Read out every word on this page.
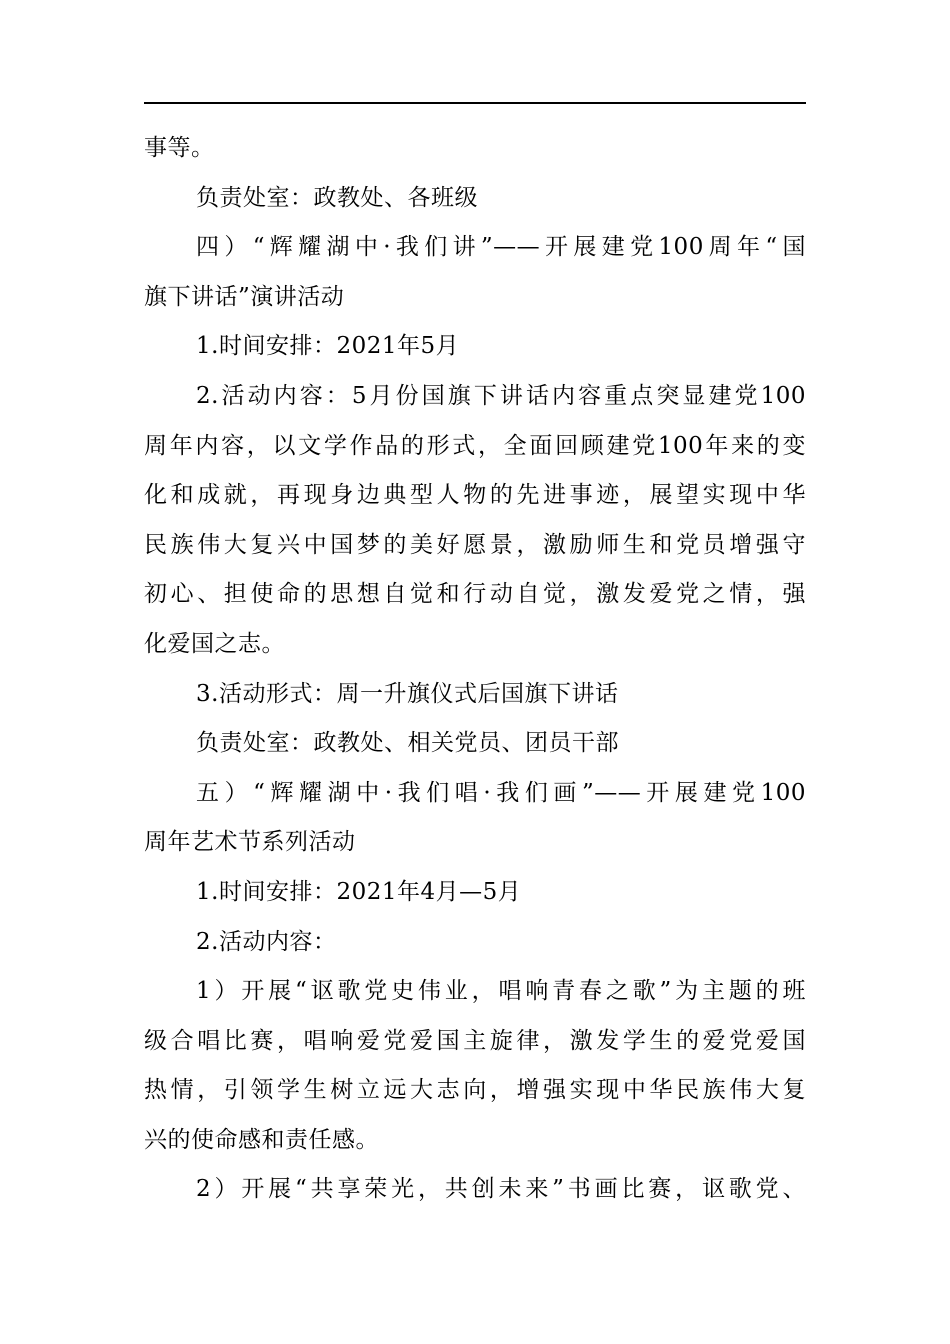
事等。
负责处室：政教处、各班级
四）“辉耀湖中·我们讲”——开展建党100周年“国
旗下讲话”演讲活动
1.时间安排：2021年5月
2.活动内容：5月份国旗下讲话内容重点突显建党100
周年内容，以文学作品的形式，全面回顾建党100年来的变
化和成就，再现身边典型人物的先进事迹，展望实现中华
民族伟大复兴中国梦的美好愿景，激励师生和党员增强守
初心、担使命的思想自觉和行动自觉，激发爱党之情，强
化爱国之志。
3.活动形式：周一升旗仪式后国旗下讲话
负责处室：政教处、相关党员、团员干部
五）“辉耀湖中·我们唱·我们画”——开展建党100
周年艺术节系列活动
1.时间安排：2021年4月—5月
2.活动内容：
1）开展“讴歌党史伟业，唱响青春之歌”为主题的班
级合唱比赛，唱响爱党爱国主旋律，激发学生的爱党爱国
热情，引领学生树立远大志向，增强实现中华民族伟大复
兴的使命感和责任感。
2）开展“共享荣光，共创未来”书画比赛，讴歌党、
